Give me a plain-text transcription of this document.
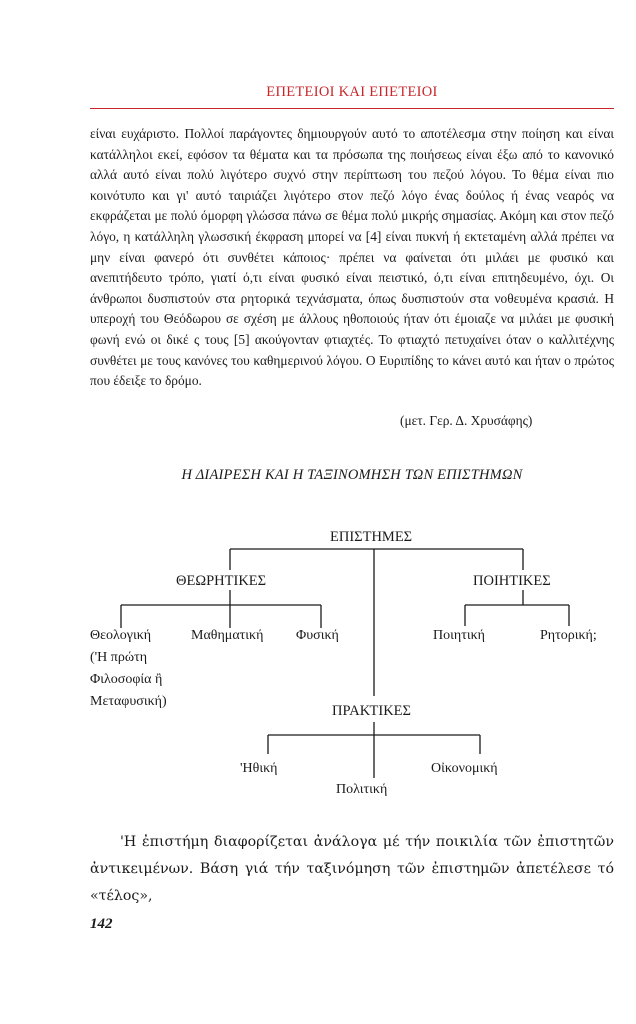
ΕΠΕΤΕΙΟΙ ΚΑΙ ΕΠΕΤΕΙΟΙ

είναι ευχάριστο. Πολλοί παράγοντες δημιουργούν αυτό το αποτέλεσμα στην ποίηση και είναι κατάλληλοι εκεί, εφόσον τα θέματα και τα πρόσωπα της ποιήσεως είναι έξω από το κανονικό αλλά αυτό είναι πολύ λιγότερο συχνό στην περίπτωση του πεζού λόγου. Το θέμα είναι πιο κοινότυπο και γι' αυτό ταιριάζει λιγότερο στον πεζό λόγο ένας δούλος ή ένας νεαρός να εκφράζεται με πολύ όμορφη γλώσσα πάνω σε θέμα πολύ μικρής σημασίας. Ακόμη και στον πεζό λόγο, η κατάλληλη γλωσσική έκφραση μπορεί να [4] είναι πυκνή ή εκτεταμένη αλλά πρέπει να μην είναι φανερό ότι συνθέτει κάποιος· πρέπει να φαίνεται ότι μιλάει με φυσικό και ανεπιτήδευτο τρόπο, γιατί ό,τι είναι φυσικό είναι πειστικό, ό,τι είναι επιτηδευμένο, όχι. Οι άνθρωποι δυσπιστούν στα ρητορικά τεχνάσματα, όπως δυσπιστούν στα νοθευμένα κρασιά. Η υπεροχή του Θεόδωρου σε σχέση με άλλους ηθοποιούς ήταν ότι έμοιαζε να μιλάει με φυσική φωνή ενώ οι δικέ ς τους [5] ακούγονταν φτιαχτές. Το φτιαχτό πετυχαίνει όταν ο καλλιτέχνης συνθέτει με τους κανόνες του καθημερινού λόγου. Ο Ευριπίδης το κάνει αυτό και ήταν ο πρώτος που έδειξε το δρόμο.

(μετ. Γερ. Δ. Χρυσάφης)
Η ΔΙΑΙΡΕΣΗ ΚΑΙ Η ΤΑΞΙΝΟΜΗΣΗ ΤΩΝ ΕΠΙΣΤΗΜΩΝ
ΕΠΙΣΤΗΜΕΣ
ΘΕΩΡΗΤΙΚΕΣ	ΠΟΙΗΤΙΚΕΣ
Θεολογική	Μαθηματική Φυσική
('Η πρώτη
Φιλοσοφία ἢ
Μεταφυσική)
Ποιητική	Ρητορική;
ΠΡΑΚΤΙΚΕΣ
'Ηθική
Πολιτική
Οἰκονομική

'Η ἐπιστήμη διαφορίζεται ἀνάλογα μέ τήν ποικιλία τῶν ἐπιστητῶν ἀντικειμένων. Βάση γιά τήν ταξινόμηση τῶν ἐπιστημῶν ἀπετέλεσε τό «τέλος»,

142
